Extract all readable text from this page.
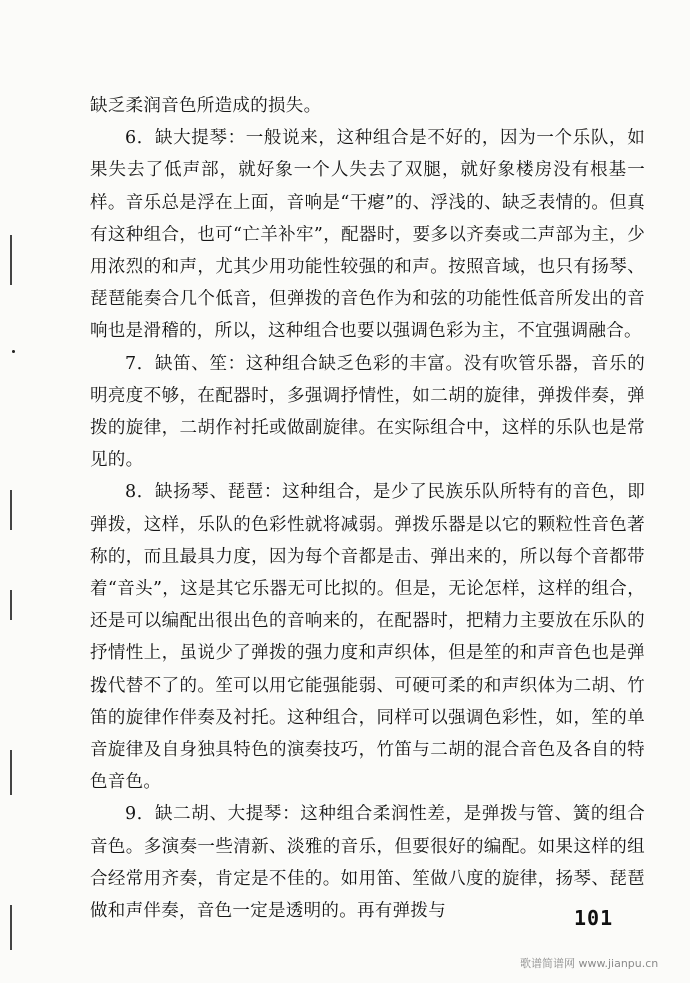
缺乏柔润音色所造成的损失。

6．缺大提琴：一般说来，这种组合是不好的，因为一个乐队，如果失去了低声部，就好象一个人失去了双腿，就好象楼房没有根基一样。音乐总是浮在上面，音响是“干瘪”的、浮浅的、缺乏表情的。但真有这种组合，也可“亡羊补牢”，配器时，要多以齐奏或二声部为主，少用浓烈的和声，尤其少用功能性较强的和声。按照音域，也只有扬琴、琵琶能奏合几个低音，但弹拨的音色作为和弦的功能性低音所发出的音响也是滑稽的，所以，这种组合也要以强调色彩为主，不宜强调融合。

7．缺笛、笙：这种组合缺乏色彩的丰富。没有吹管乐器，音乐的明亮度不够，在配器时，多强调抒情性，如二胡的旋律，弹拨伴奏，弹拨的旋律，二胡作衬托或做副旋律。在实际组合中，这样的乐队也是常见的。

8．缺扬琴、琵琶：这种组合，是少了民族乐队所特有的音色，即弹拨，这样，乐队的色彩性就将减弱。弹拨乐器是以它的颗粒性音色著称的，而且最具力度，因为每个音都是击、弹出来的，所以每个音都带着“音头”，这是其它乐器无可比拟的。但是，无论怎样，这样的组合，还是可以编配出很出色的音响来的，在配器时，把精力主要放在乐队的抒情性上，虽说少了弹拨的强力度和声织体，但是笙的和声音色也是弹拨代替不了的。笙可以用它能强能弱、可硬可柔的和声织体为二胡、竹笛的旋律作伴奏及衬托。这种组合，同样可以强调色彩性，如，笙的单音旋律及自身独具特色的演奏技巧，竹笛与二胡的混合音色及各自的特色音色。

9．缺二胡、大提琴：这种组合柔润性差，是弹拨与管、簧的组合音色。多演奏一些清新、淡雅的音乐，但要很好的编配。如果这样的组合经常用齐奏，肯定是不佳的。如用笛、笙做八度的旋律，扬琴、琵琶做和声伴奏，音色一定是透明的。再有弹拨与	101
歌谱简谱网 www.jianpu.cn
